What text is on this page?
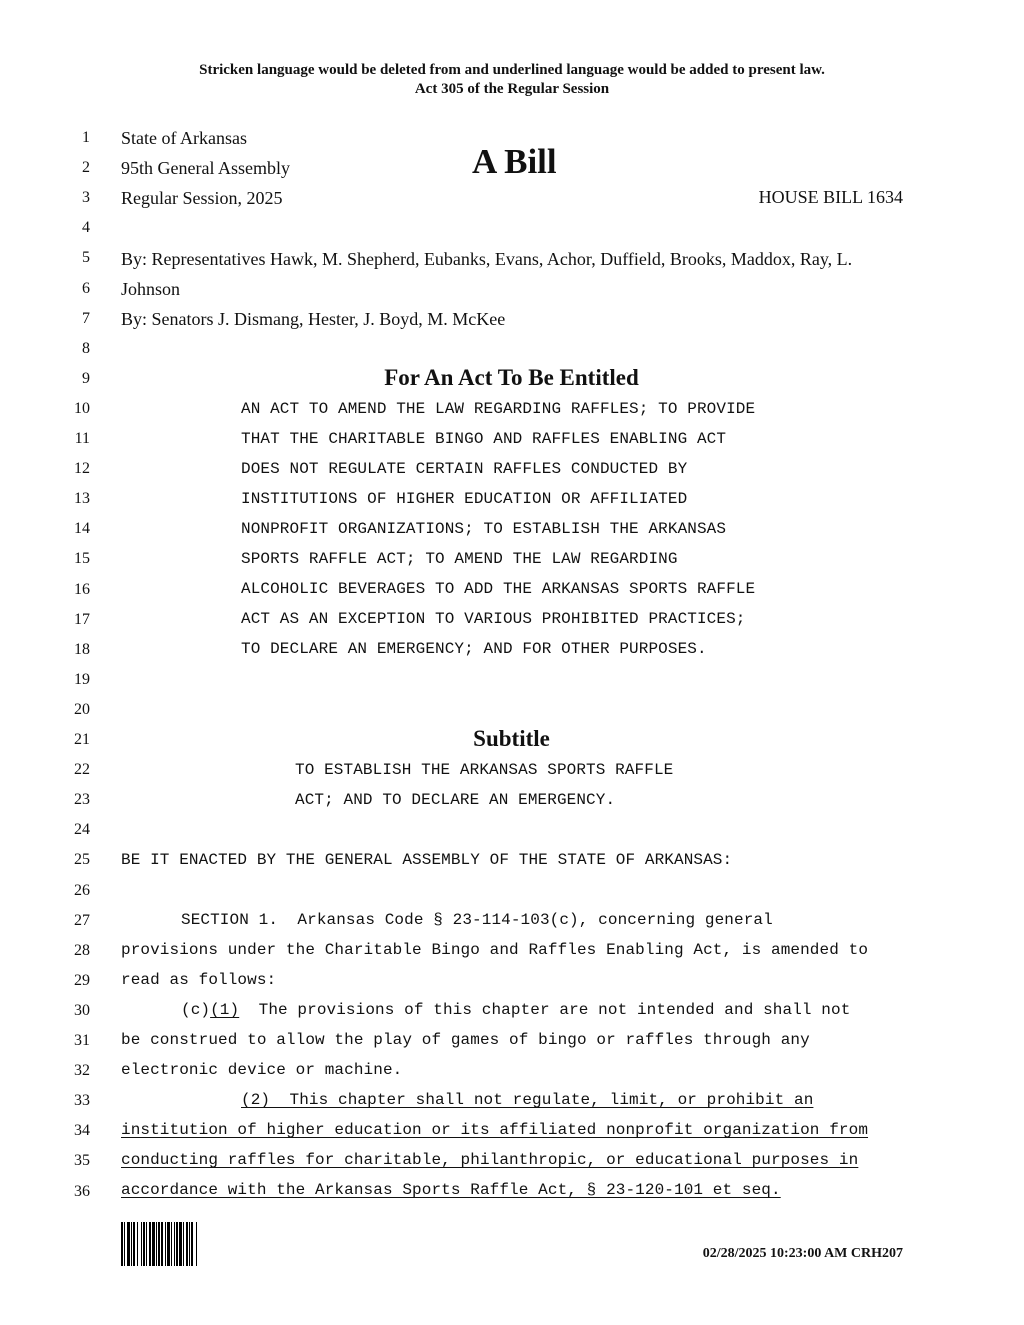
Stricken language would be deleted from and underlined language would be added to present law.
Act 305 of the Regular Session
1
2
3
4
5
6
7
8
9
10
11
12
13
14
15
16
17
18
19
20
21
22
23
24
25
26
27
28
29
30
31
32
33
34
35
36
State of Arkansas
95th General Assembly	A Bill
Regular Session, 2025	HOUSE BILL 1634
By: Representatives Hawk, M. Shepherd, Eubanks, Evans, Achor, Duffield, Brooks, Maddox, Ray, L.
Johnson
By: Senators J. Dismang, Hester, J. Boyd, M. McKee
For An Act To Be Entitled
AN ACT TO AMEND THE LAW REGARDING RAFFLES; TO PROVIDE
THAT THE CHARITABLE BINGO AND RAFFLES ENABLING ACT
DOES NOT REGULATE CERTAIN RAFFLES CONDUCTED BY
INSTITUTIONS OF HIGHER EDUCATION OR AFFILIATED
NONPROFIT ORGANIZATIONS; TO ESTABLISH THE ARKANSAS
SPORTS RAFFLE ACT; TO AMEND THE LAW REGARDING
ALCOHOLIC BEVERAGES TO ADD THE ARKANSAS SPORTS RAFFLE
ACT AS AN EXCEPTION TO VARIOUS PROHIBITED PRACTICES;
TO DECLARE AN EMERGENCY; AND FOR OTHER PURPOSES.
Subtitle
TO ESTABLISH THE ARKANSAS SPORTS RAFFLE
ACT; AND TO DECLARE AN EMERGENCY.
BE IT ENACTED BY THE GENERAL ASSEMBLY OF THE STATE OF ARKANSAS:
SECTION 1.  Arkansas Code § 23-114-103(c), concerning general
provisions under the Charitable Bingo and Raffles Enabling Act, is amended to
read as follows:
(c)(1)  The provisions of this chapter are not intended and shall not
be construed to allow the play of games of bingo or raffles through any
electronic device or machine.
(2)  This chapter shall not regulate, limit, or prohibit an
institution of higher education or its affiliated nonprofit organization from
conducting raffles for charitable, philanthropic, or educational purposes in
accordance with the Arkansas Sports Raffle Act, § 23-120-101 et seq.
02/28/2025 10:23:00 AM CRH207
